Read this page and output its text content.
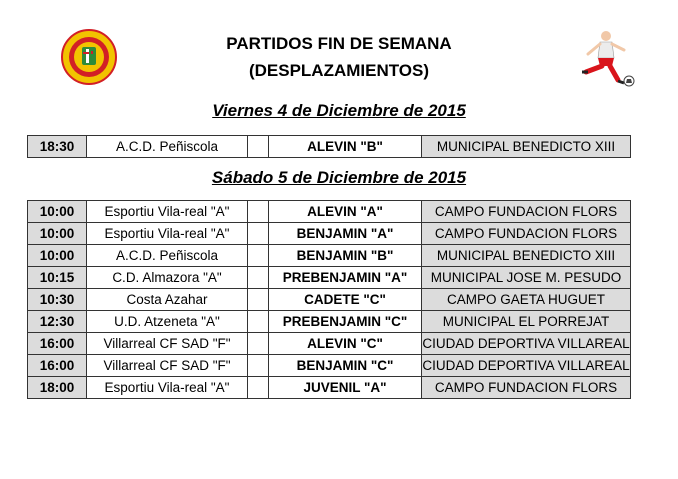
PARTIDOS FIN DE SEMANA
(DESPLAZAMIENTOS)
Viernes 4 de Diciembre de 2015
18:30	A.C.D. Peñiscola		ALEVIN "B"	MUNICIPAL BENEDICTO XIII
Sábado 5 de Diciembre de 2015
10:00	Esportiu Vila-real "A"		ALEVIN "A"	CAMPO FUNDACION FLORS
10:00	Esportiu Vila-real "A"		BENJAMIN "A"	CAMPO FUNDACION FLORS
10:00	A.C.D. Peñiscola		BENJAMIN "B"	MUNICIPAL BENEDICTO XIII
10:15	C.D. Almazora "A"		PREBENJAMIN "A"	MUNICIPAL JOSE M. PESUDO
10:30	Costa Azahar		CADETE "C"	CAMPO GAETA HUGUET
12:30	U.D. Atzeneta "A"		PREBENJAMIN "C"	MUNICIPAL EL PORREJAT
16:00	Villarreal CF SAD "F"		ALEVIN "C"	CIUDAD DEPORTIVA VILLAREAL
16:00	Villarreal CF SAD "F"		BENJAMIN "C"	CIUDAD DEPORTIVA VILLAREAL
18:00	Esportiu Vila-real "A"		JUVENIL "A"	CAMPO FUNDACION FLORS
